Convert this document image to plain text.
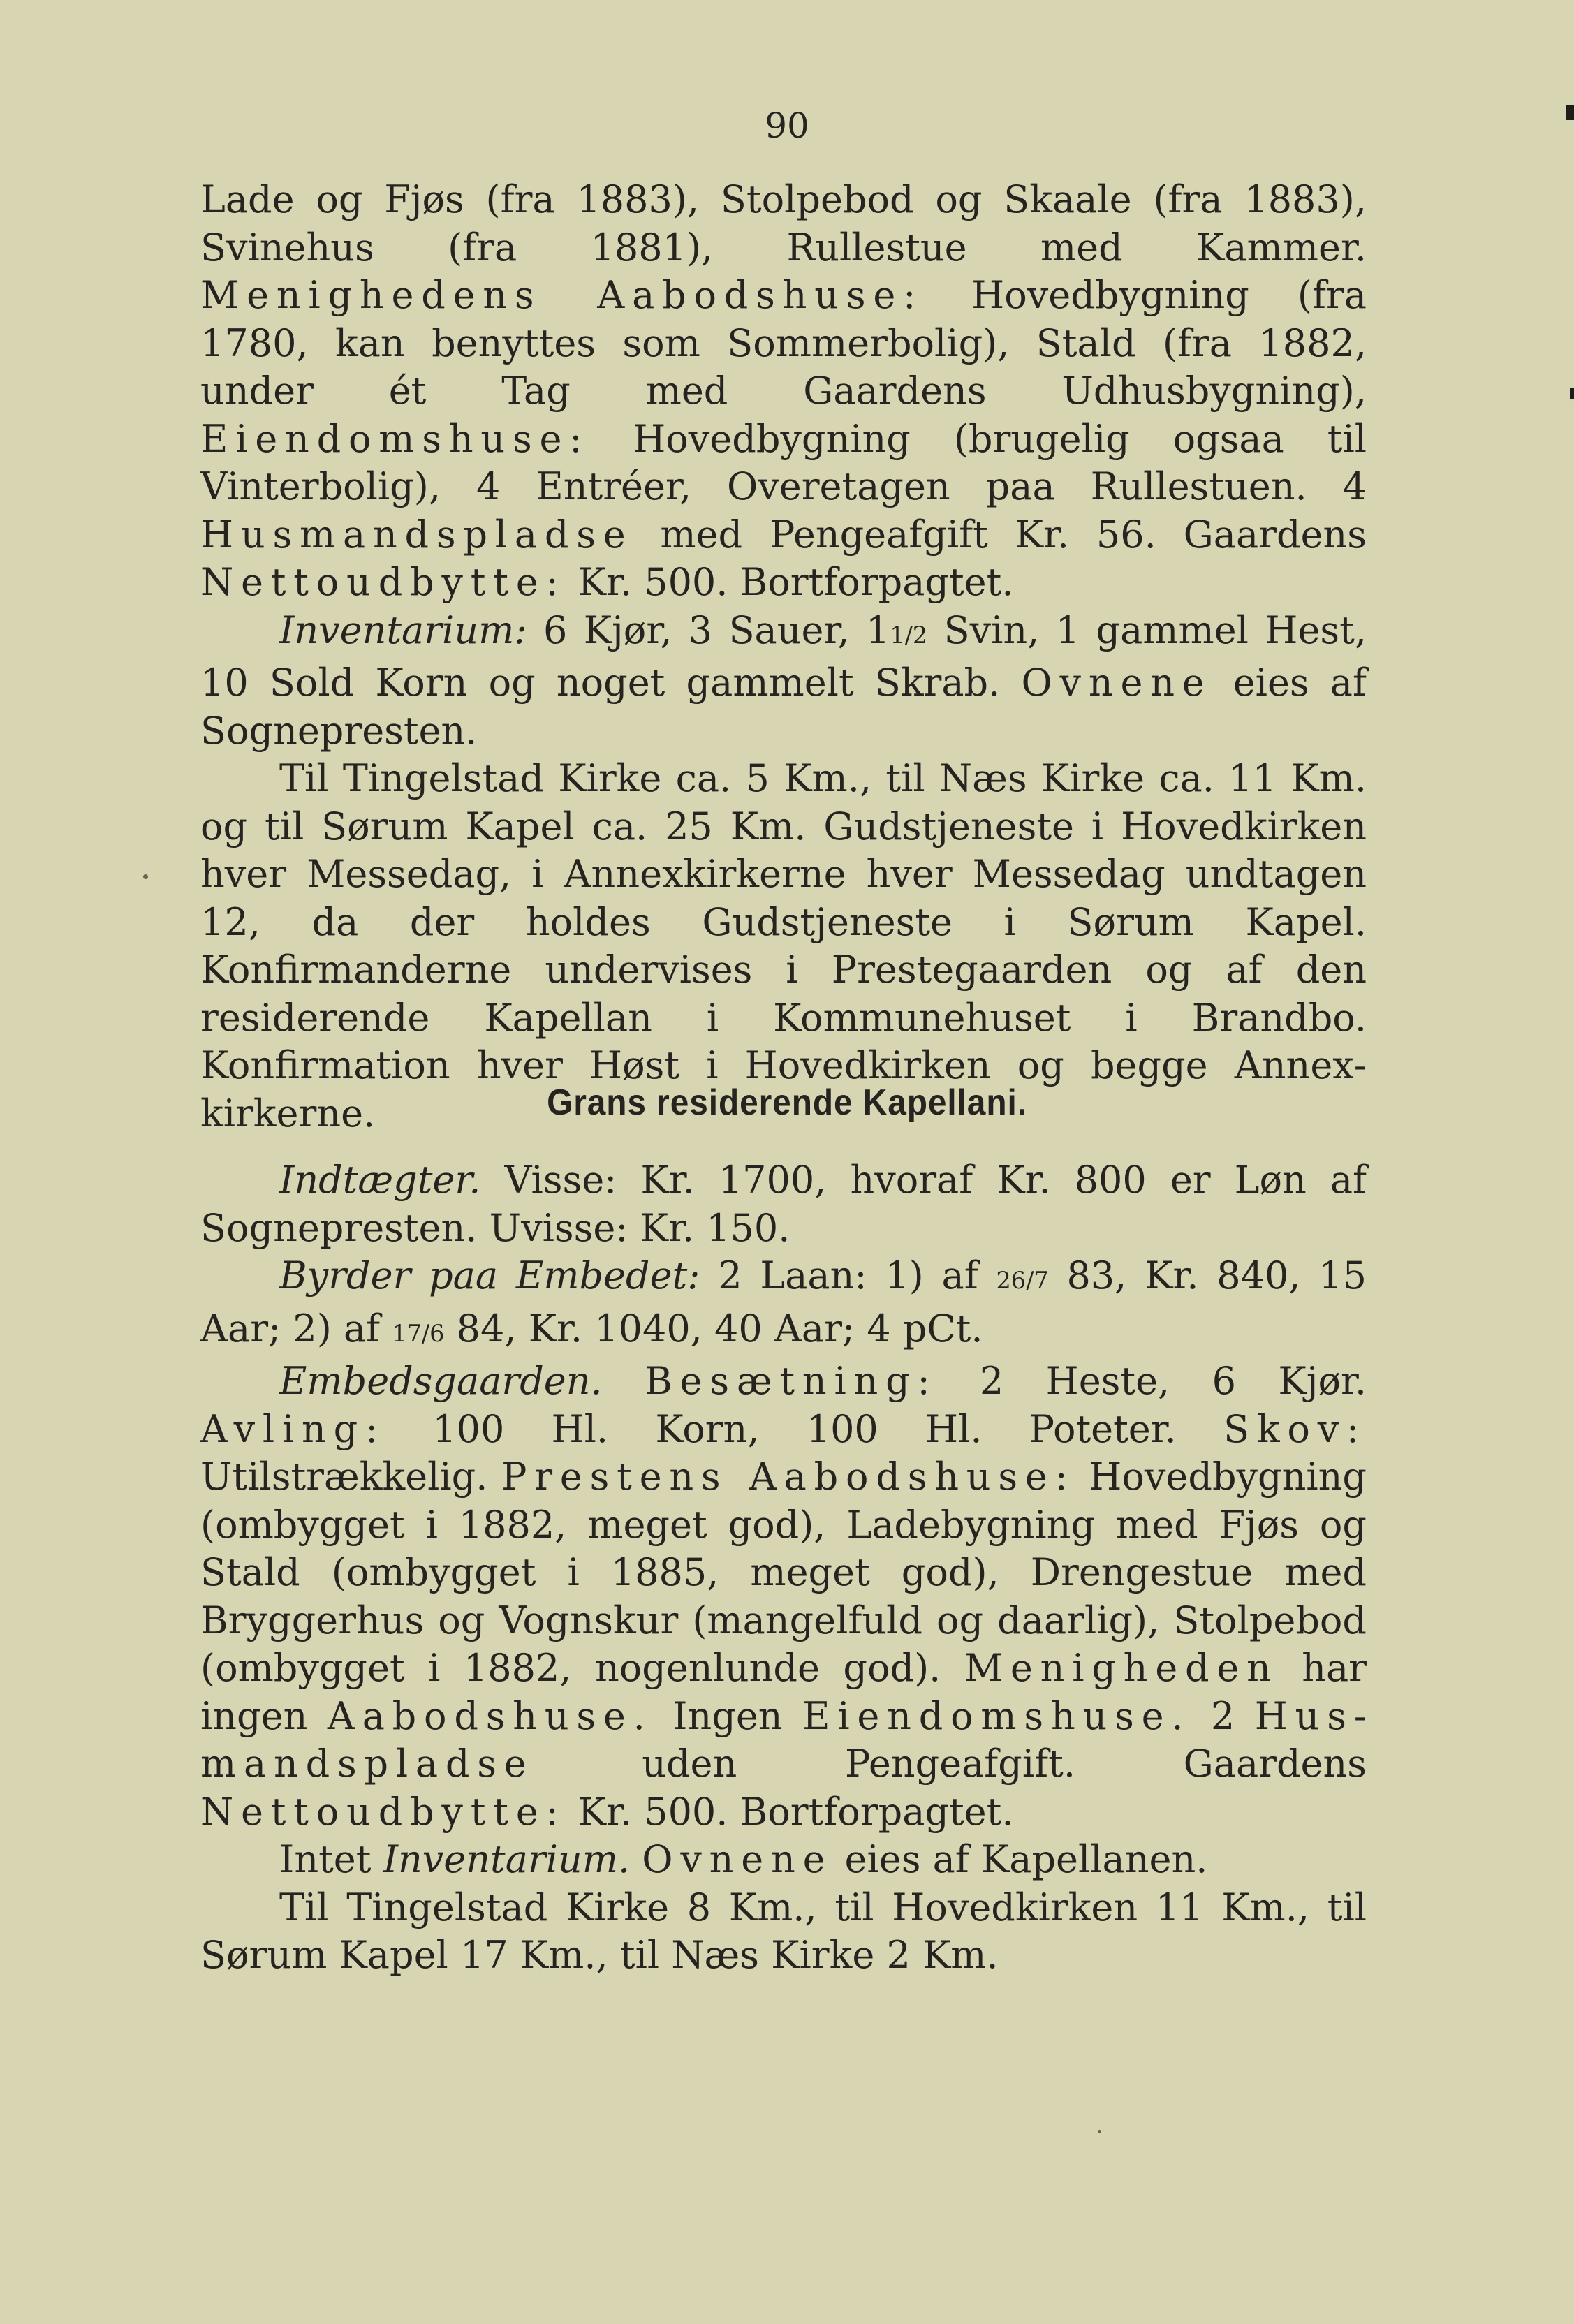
90

Lade og Fjøs (fra 1883), Stolpebod og Skaale (fra 1883), Svinehus (fra 1881), Rullestue med Kammer. Menighedens Aabodshuse: Hovedbygning (fra 1780, kan benyttes som Sommerbolig), Stald (fra 1882, under ét Tag med Gaardens Udhusbygning), Eiendomshuse: Hovedbygning (brugelig ogsaa til Vinterbolig), 4 Entréer, Overetagen paa Rullestuen. 4 Husmandspladse med Pengeafgift Kr. 56. Gaardens Nettoudbytte: Kr. 500. Bortforpagtet.

Inventarium: 6 Kjør, 3 Sauer, 11/2 Svin, 1 gammel Hest, 10 Sold Korn og noget gammelt Skrab. Ovnene eies af Sognepresten.

Til Tingelstad Kirke ca. 5 Km., til Næs Kirke ca. 11 Km. og til Sørum Kapel ca. 25 Km. Gudstjeneste i Hovedkirken hver Messedag, i Annexkirkerne hver Messedag undtagen 12, da der holdes Gudstjeneste i Sørum Kapel. Konfirmanderne undervises i Prestegaarden og af den residerende Kapellan i Kommunehuset i Brandbo. Konfirmation hver Høst i Hovedkirken og begge Annexkirkerne.	Grans residerende Kapellani.

Indtægter. Visse: Kr. 1700, hvoraf Kr. 800 er Løn af Sognepresten. Uvisse: Kr. 150.

Byrder paa Embedet: 2 Laan: 1) af 26/7 83, Kr. 840, 15 Aar; 2) af 17/6 84, Kr. 1040, 40 Aar; 4 pCt.

Embedsgaarden. Besætning: 2 Heste, 6 Kjør. Avling: 100 Hl. Korn, 100 Hl. Poteter. Skov: Utilstrækkelig. Prestens Aabodshuse: Hovedbygning (ombygget i 1882, meget god), Ladebygning med Fjøs og Stald (ombygget i 1885, meget god), Drengestue med Bryggerhus og Vognskur (mangelfuld og daarlig), Stolpebod (ombygget i 1882, nogenlunde god). Menigheden har ingen Aabodshuse. Ingen Eiendomshuse. 2 Husmandspladse uden Pengeafgift. Gaardens Nettoudbytte: Kr. 500. Bortforpagtet.

Intet Inventarium. Ovnene eies af Kapellanen.

Til Tingelstad Kirke 8 Km., til Hovedkirken 11 Km., til Sørum Kapel 17 Km., til Næs Kirke 2 Km.
